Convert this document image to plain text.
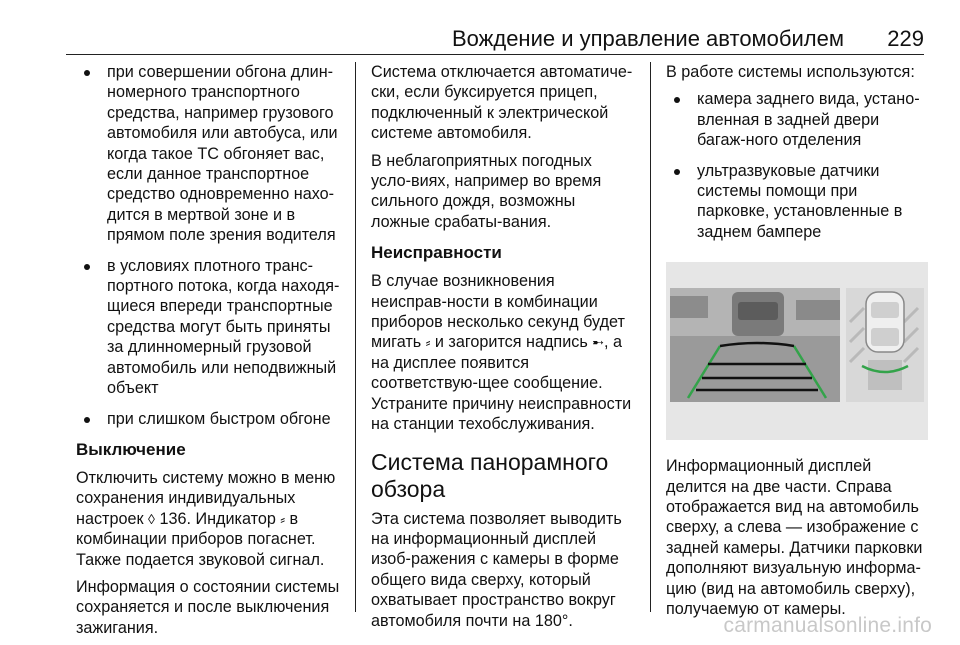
Вождение и управление автомобилем 229
при совершении обгона длин-номерного транспортного средства, например грузового автомобиля или автобуса, или когда такое ТС обгоняет вас, если данное транспортное средство одновременно нахо-дится в мертвой зоне и в прямом поле зрения водителя
в условиях плотного транс-портного потока, когда находя-щиеся впереди транспортные средства могут быть приняты за длинномерный грузовой автомобиль или неподвижный объект
при слишком быстром обгоне
Выключение

Отключить систему можно в меню сохранения индивидуальных настроек ◊ 136. Индикатор ⸗ в комбинации приборов погаснет. Также подается звуковой сигнал.

Информация о состоянии системы сохраняется и после выключения зажигания.

Система отключается автоматиче-ски, если буксируется прицеп, подключенный к электрической системе автомобиля.

В неблагоприятных погодных усло-виях, например во время сильного дождя, возможны ложные срабаты-вания.

Неисправности

В случае возникновения неисправ-ности в комбинации приборов несколько секунд будет мигать ⸗ и загорится надпись ➸, а на дисплее появится соответствую-щее сообщение. Устраните причину неисправности на станции техобслуживания.

Система панорамного обзора

Эта система позволяет выводить на информационный дисплей изоб-ражения с камеры в форме общего вида сверху, который охватывает пространство вокруг автомобиля почти на 180°.

В работе системы используются:

камера заднего вида, устано-вленная в задней двери багаж-ного отделения
ультразвуковые датчики системы помощи при парковке, установленные в заднем бампере

Информационный дисплей делится на две части. Справа отображается вид на автомобиль сверху, а слева — изображение с задней камеры. Датчики парковки дополняют визуальную информа-цию (вид на автомобиль сверху), получаемую от камеры.

carmanualsonline.info
